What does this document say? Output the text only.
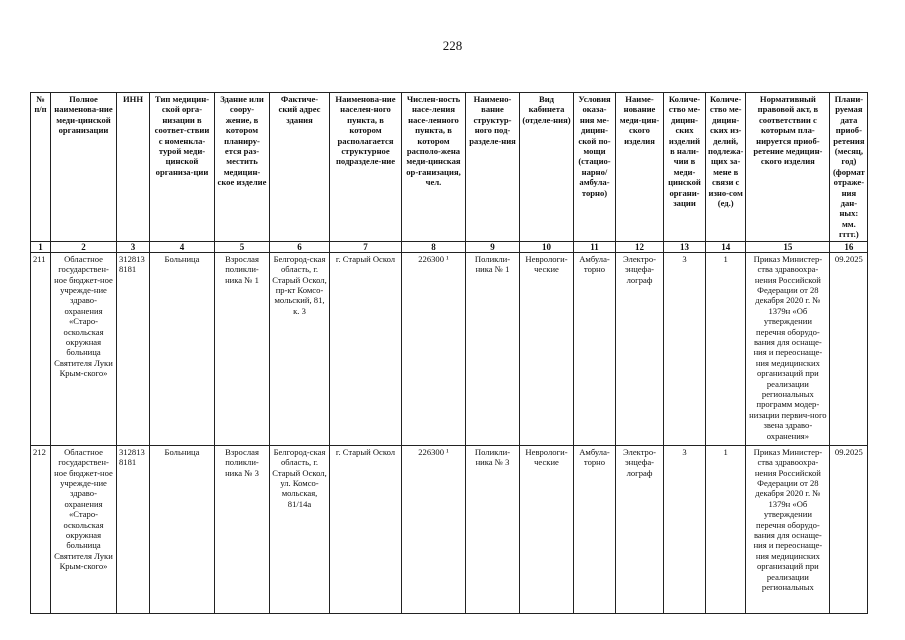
228
№ п/п	Полное наименова-ние меди-цинской организации	ИНН	Тип медицин-ской орга-низации в соответ-ствии с номенкла-турой меди-цинской организа-ции	Здание или соору-жение, в котором планиру-ется раз-местить медицин-ское изделие	Фактиче-ский адрес здания	Наименова-ние населен-ного пункта, в котором располагается структурное подразделе-ние	Числен-ность насе-ления насе-ленного пункта, в котором располо-жена меди-цинская ор-ганизация, чел.	Наимено-вание структур-ного под-разделе-ния	Вид кабинета (отделе-ния)	Условия оказа-ния ме-дицин-ской по-мощи (стацио-нарно/ амбула-торно)	Наиме-нование меди-цин-ского изделия	Количе-ство ме-дицин-ских изделий в нали-чии в меди-цинской органи-зации	Количе-ство ме-дицин-ских из-делий, подлежа-щих за-мене в связи с изно-сом (ед.)	Нормативный правовой акт, в соответствии с которым пла-нируется приоб-ретение медицин-ского изделия	Плани-руемая дата приоб-ретения (месяц, год) (формат отраже-ния дан-ных: мм. гггг.)
1	2	3	4	5	6	7	8	9	10	11	12	13	14	15	16
211	Областное государствен-ное бюджет-ное учрежде-ние здраво-охранения «Старо-оскольская окружная больница Святителя Луки Крым-ского»	312813 8181	Больница	Взрослая поликли-ника № 1	Белгород-ская область, г. Старый Оскол, пр-кт Комсо-мольский, 81, к. 3	г. Старый Оскол	226300 ¹	Поликли-ника № 1	Неврологи-ческие	Амбула-торно	Электро-энцефа-лограф	3	1	Приказ Министер-ства здравоохра-нения Российской Федерации от 28 декабря 2020 г. № 1379н «Об утверждении перечня оборудо-вания для оснаще-ния и переоснаще-ния медицинских организаций при реализации региональных программ модер-низации первич-ного звена здраво-охранения»	09.2025
212	Областное государствен-ное бюджет-ное учрежде-ние здраво-охранения «Старо-оскольская окружная больница Святителя Луки Крым-ского»	312813 8181	Больница	Взрослая поликли-ника № 3	Белгород-ская область, г. Старый Оскол, ул. Комсо-мольская, 81/14а	г. Старый Оскол	226300 ¹	Поликли-ника № 3	Неврологи-ческие	Амбула-торно	Электро-энцефа-лограф	3	1	Приказ Министер-ства здравоохра-нения Российской Федерации от 28 декабря 2020 г. № 1379н «Об утверждении перечня оборудо-вания для оснаще-ния и переоснаще-ния медицинских организаций при реализации региональных	09.2025
